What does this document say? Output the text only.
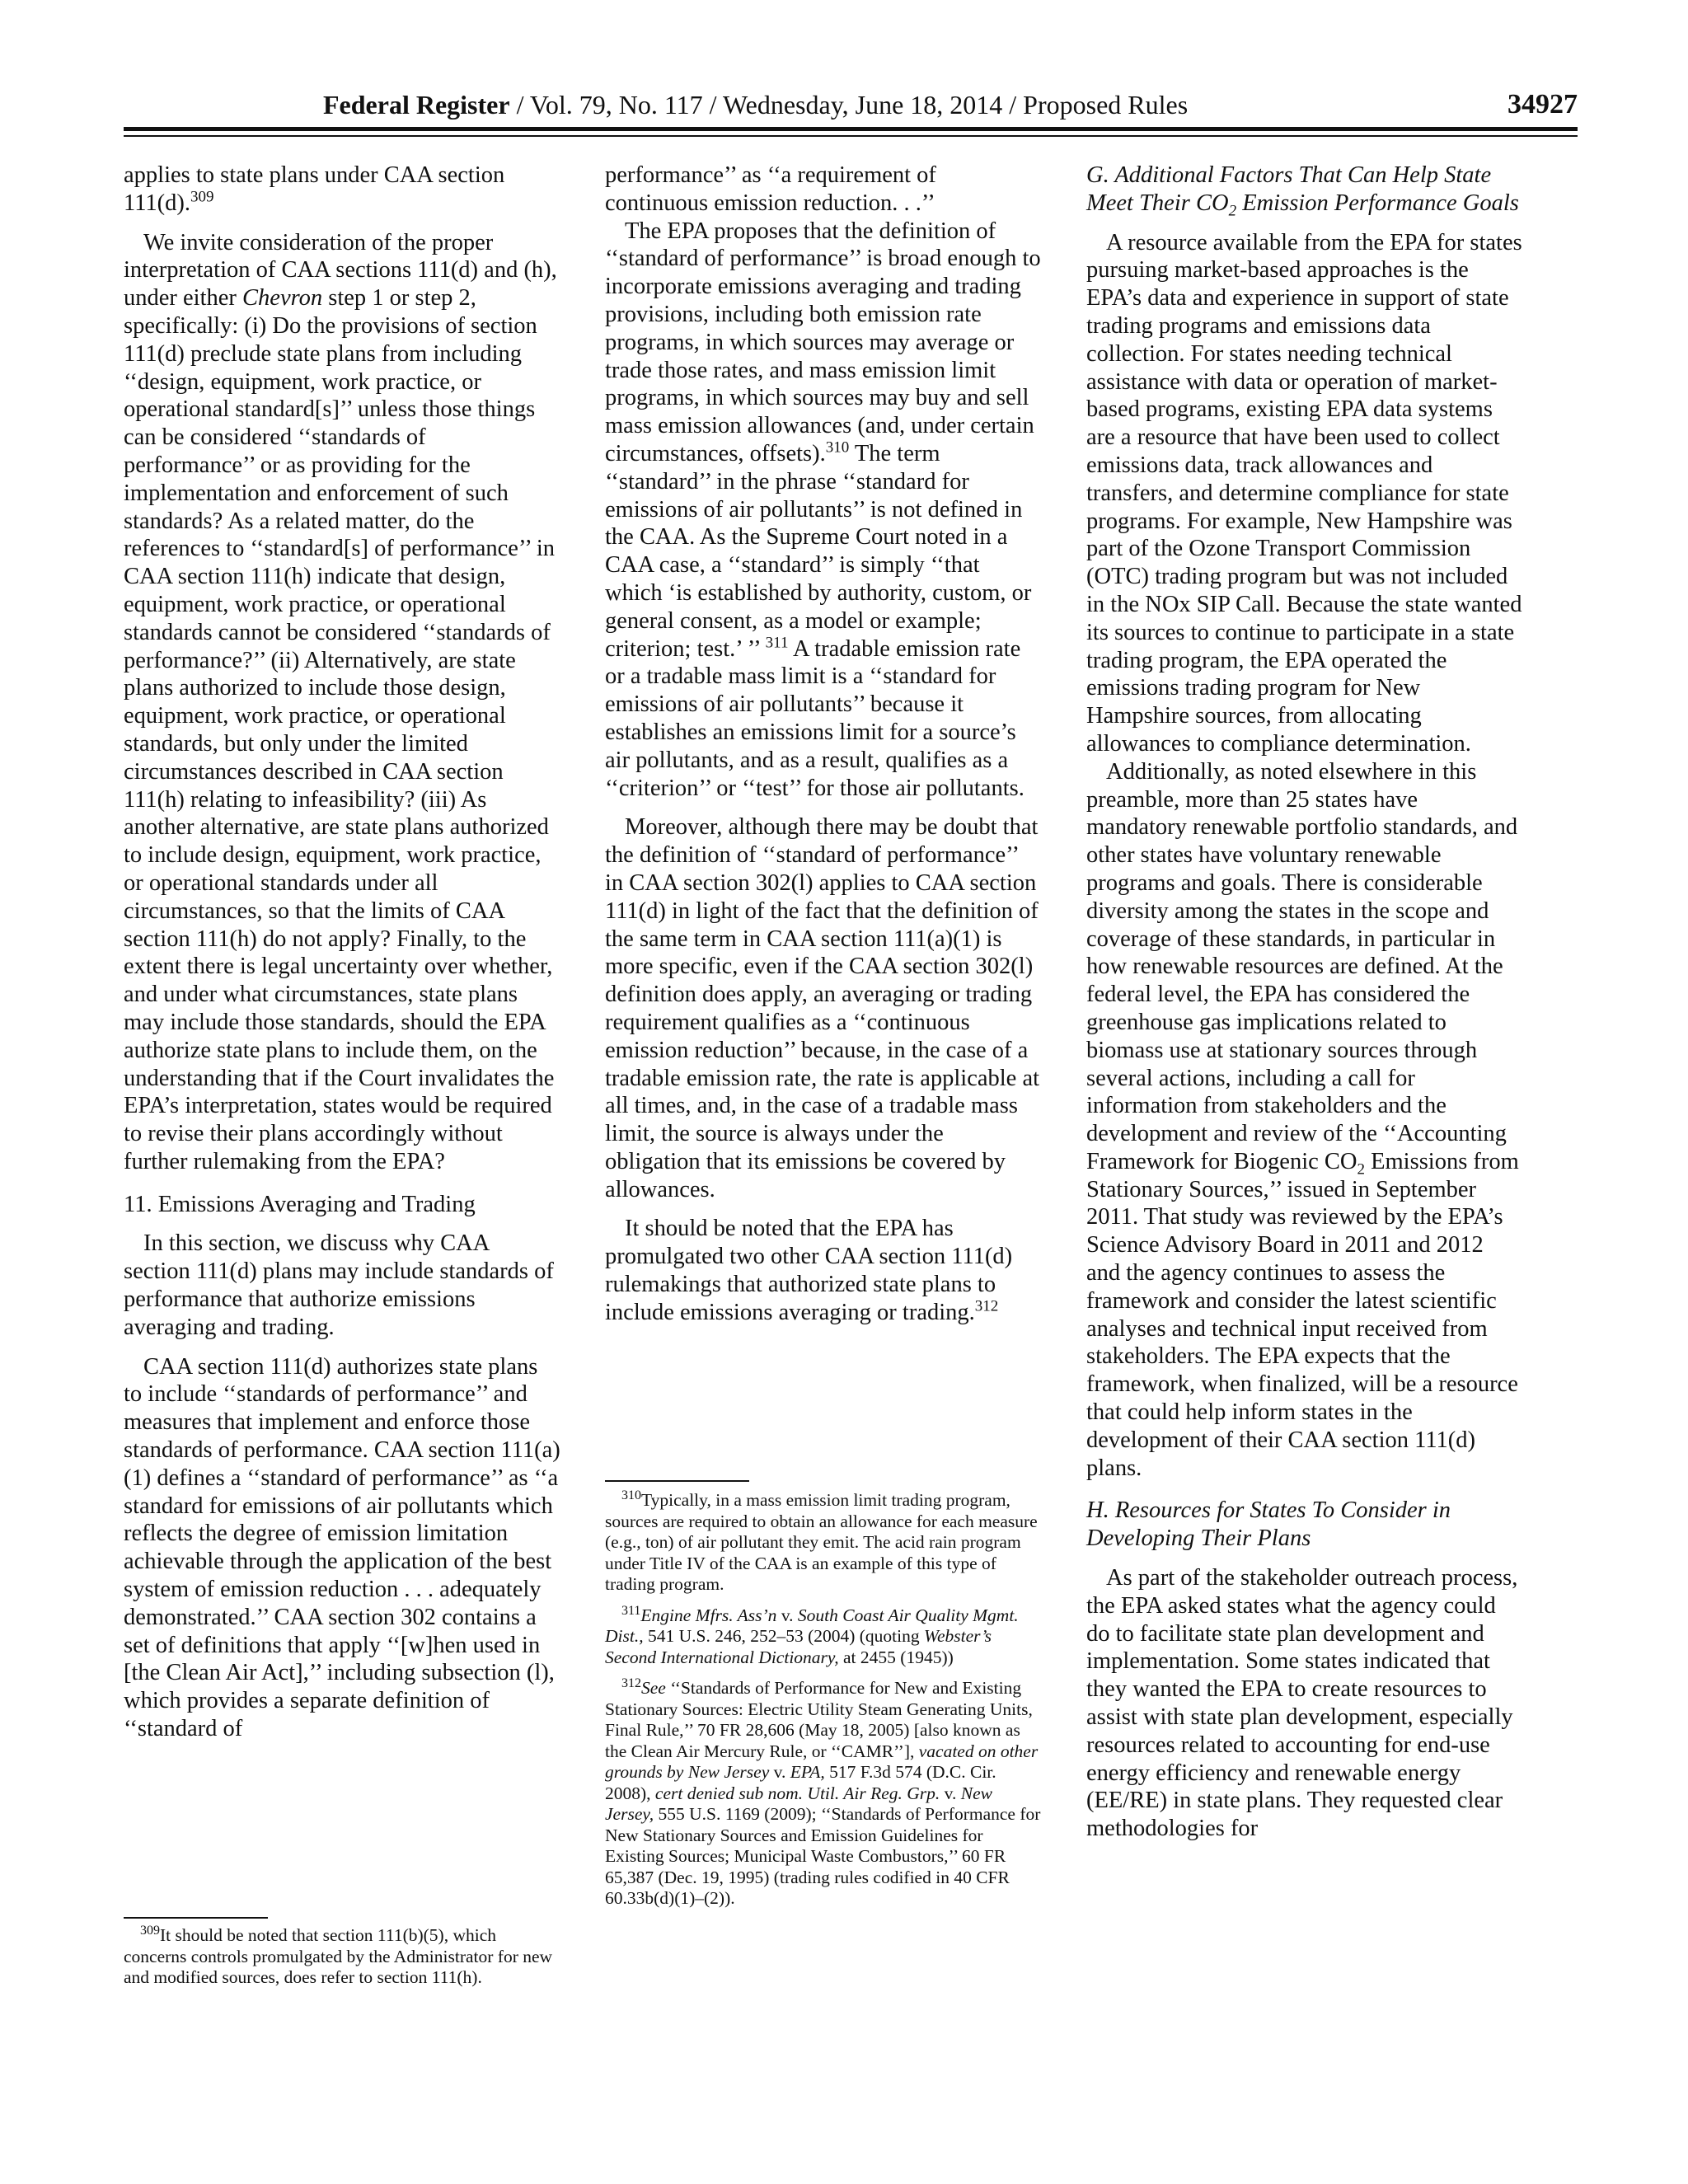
Federal Register / Vol. 79, No. 117 / Wednesday, June 18, 2014 / Proposed Rules	34927

applies to state plans under CAA section 111(d).$^{309}$

We invite consideration of the proper interpretation of CAA sections 111(d) and (h), under either Chevron step 1 or step 2, specifically: (i) Do the provisions of section 111(d) preclude state plans from including ‘‘design, equipment, work practice, or operational standard[s]’’ unless those things can be considered ‘‘standards of performance’’ or as providing for the implementation and enforcement of such standards? As a related matter, do the references to ‘‘standard[s] of performance’’ in CAA section 111(h) indicate that design, equipment, work practice, or operational standards cannot be considered ‘‘standards of performance?’’ (ii) Alternatively, are state plans authorized to include those design, equipment, work practice, or operational standards, but only under the limited circumstances described in CAA section 111(h) relating to infeasibility? (iii) As another alternative, are state plans authorized to include design, equipment, work practice, or operational standards under all circumstances, so that the limits of CAA section 111(h) do not apply? Finally, to the extent there is legal uncertainty over whether, and under what circumstances, state plans may include those standards, should the EPA authorize state plans to include them, on the understanding that if the Court invalidates the EPA’s interpretation, states would be required to revise their plans accordingly without further rulemaking from the EPA?

11. Emissions Averaging and Trading

In this section, we discuss why CAA section 111(d) plans may include standards of performance that authorize emissions averaging and trading.

CAA section 111(d) authorizes state plans to include ‘‘standards of performance’’ and measures that implement and enforce those standards of performance. CAA section 111(a)(1) defines a ‘‘standard of performance’’ as ‘‘a standard for emissions of air pollutants which reflects the degree of emission limitation achievable through the application of the best system of emission reduction . . . adequately demonstrated.’’ CAA section 302 contains a set of definitions that apply ‘‘[w]hen used in [the Clean Air Act],’’ including subsection (l), which provides a separate definition of ‘‘standard of

$^{309}$It should be noted that section 111(b)(5), which concerns controls promulgated by the Administrator for new and modified sources, does refer to section 111(h).

performance’’ as ‘‘a requirement of continuous emission reduction. . .’’

The EPA proposes that the definition of ‘‘standard of performance’’ is broad enough to incorporate emissions averaging and trading provisions, including both emission rate programs, in which sources may average or trade those rates, and mass emission limit programs, in which sources may buy and sell mass emission allowances (and, under certain circumstances, offsets).$^{310}$ The term ‘‘standard’’ in the phrase ‘‘standard for emissions of air pollutants’’ is not defined in the CAA. As the Supreme Court noted in a CAA case, a ‘‘standard’’ is simply ‘‘that which ‘is established by authority, custom, or general consent, as a model or example; criterion; test.’ ’’ $^{311}$ A tradable emission rate or a tradable mass limit is a ‘‘standard for emissions of air pollutants’’ because it establishes an emissions limit for a source’s air pollutants, and as a result, qualifies as a ‘‘criterion’’ or ‘‘test’’ for those air pollutants.

Moreover, although there may be doubt that the definition of ‘‘standard of performance’’ in CAA section 302(l) applies to CAA section 111(d) in light of the fact that the definition of the same term in CAA section 111(a)(1) is more specific, even if the CAA section 302(l) definition does apply, an averaging or trading requirement qualifies as a ‘‘continuous emission reduction’’ because, in the case of a tradable emission rate, the rate is applicable at all times, and, in the case of a tradable mass limit, the source is always under the obligation that its emissions be covered by allowances.

It should be noted that the EPA has promulgated two other CAA section 111(d) rulemakings that authorized state plans to include emissions averaging or trading.$^{312}$

$^{310}$Typically, in a mass emission limit trading program, sources are required to obtain an allowance for each measure (e.g., ton) of air pollutant they emit. The acid rain program under Title IV of the CAA is an example of this type of trading program.

$^{311}$Engine Mfrs. Ass’n v. South Coast Air Quality Mgmt. Dist., 541 U.S. 246, 252–53 (2004) (quoting Webster’s Second International Dictionary, at 2455 (1945))

$^{312}$See ‘‘Standards of Performance for New and Existing Stationary Sources: Electric Utility Steam Generating Units, Final Rule,’’ 70 FR 28,606 (May 18, 2005) [also known as the Clean Air Mercury Rule, or ‘‘CAMR’’], vacated on other grounds by New Jersey v. EPA, 517 F.3d 574 (D.C. Cir. 2008), cert denied sub nom. Util. Air Reg. Grp. v. New Jersey, 555 U.S. 1169 (2009); ‘‘Standards of Performance for New Stationary Sources and Emission Guidelines for Existing Sources; Municipal Waste Combustors,’’ 60 FR 65,387 (Dec. 19, 1995) (trading rules codified in 40 CFR 60.33b(d)(1)–(2)).

G. Additional Factors That Can Help State Meet Their $CO_2$ Emission Performance Goals

A resource available from the EPA for states pursuing market-based approaches is the EPA’s data and experience in support of state trading programs and emissions data collection. For states needing technical assistance with data or operation of market-based programs, existing EPA data systems are a resource that have been used to collect emissions data, track allowances and transfers, and determine compliance for state programs. For example, New Hampshire was part of the Ozone Transport Commission (OTC) trading program but was not included in the NOx SIP Call. Because the state wanted its sources to continue to participate in a state trading program, the EPA operated the emissions trading program for New Hampshire sources, from allocating allowances to compliance determination.

Additionally, as noted elsewhere in this preamble, more than 25 states have mandatory renewable portfolio standards, and other states have voluntary renewable programs and goals. There is considerable diversity among the states in the scope and coverage of these standards, in particular in how renewable resources are defined. At the federal level, the EPA has considered the greenhouse gas implications related to biomass use at stationary sources through several actions, including a call for information from stakeholders and the development and review of the ‘‘Accounting Framework for Biogenic $CO_2$ Emissions from Stationary Sources,’’ issued in September 2011. That study was reviewed by the EPA’s Science Advisory Board in 2011 and 2012 and the agency continues to assess the framework and consider the latest scientific analyses and technical input received from stakeholders. The EPA expects that the framework, when finalized, will be a resource that could help inform states in the development of their CAA section 111(d) plans.

H. Resources for States To Consider in Developing Their Plans

As part of the stakeholder outreach process, the EPA asked states what the agency could do to facilitate state plan development and implementation. Some states indicated that they wanted the EPA to create resources to assist with state plan development, especially resources related to accounting for end-use energy efficiency and renewable energy (EE/RE) in state plans. They requested clear methodologies for
